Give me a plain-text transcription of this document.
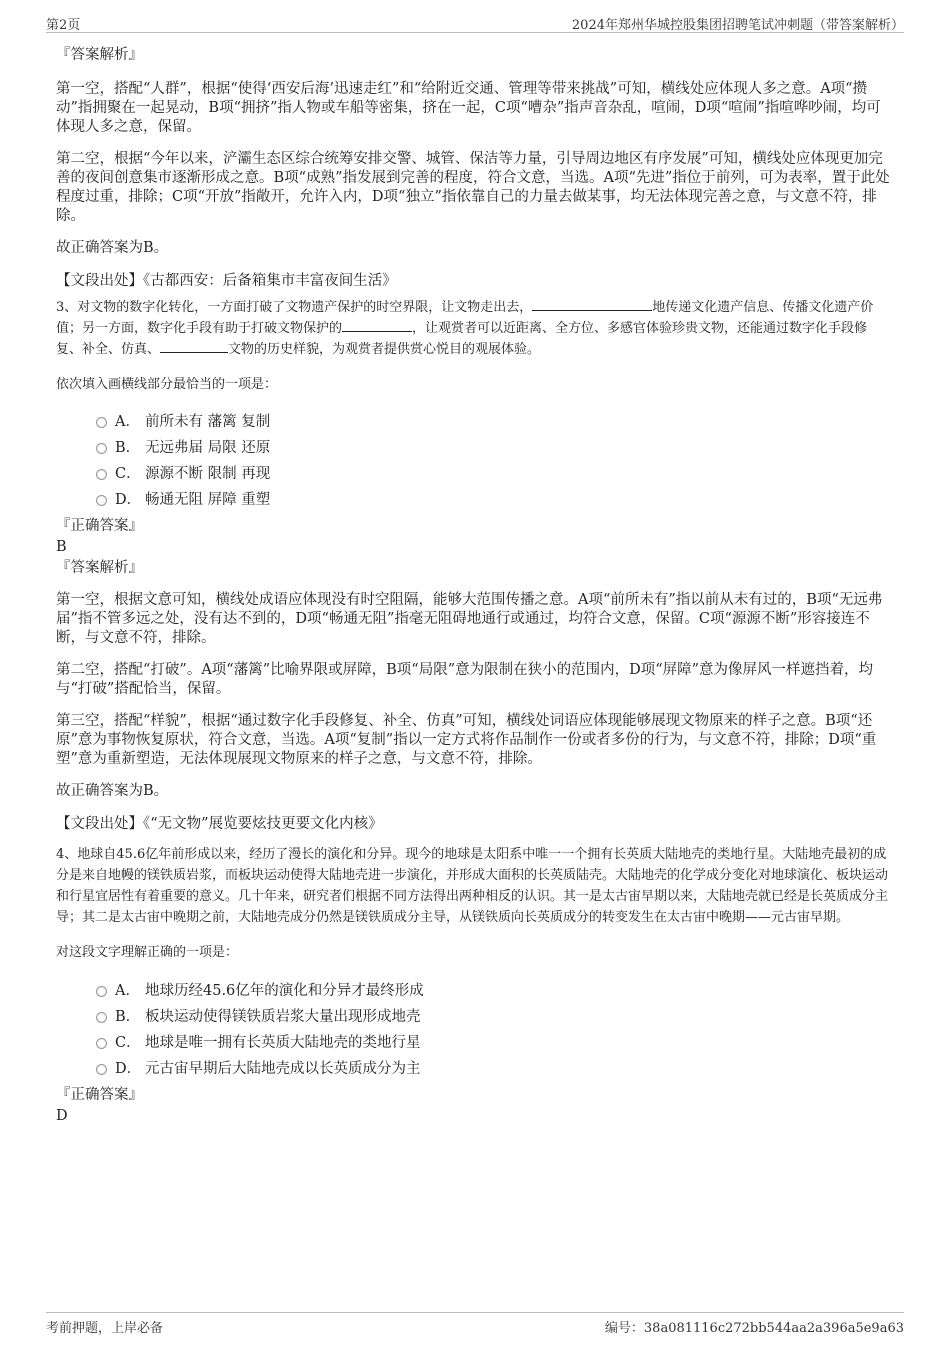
第2页	2024年郑州华城控股集团招聘笔试冲刺题（带答案解析）
『答案解析』

第一空，搭配“人群”，根据“使得‘西安后海’迅速走红”和“给附近交通、管理等带来挑战”可知，横线处应体现人多之意。A项“攒动”指拥聚在一起晃动，B项“拥挤”指人物或车船等密集，挤在一起，C项“嘈杂”指声音杂乱，喧闹，D项“喧闹”指喧哗吵闹，均可体现人多之意，保留。

第二空，根据“今年以来，浐灞生态区综合统筹安排交警、城管、保洁等力量，引导周边地区有序发展”可知，横线处应体现更加完善的夜间创意集市逐渐形成之意。B项“成熟”指发展到完善的程度，符合文意，当选。A项“先进”指位于前列，可为表率，置于此处程度过重，排除；C项“开放”指敞开，允许入内，D项“独立”指依靠自己的力量去做某事，均无法体现完善之意，与文意不符，排除。

故正确答案为B。

【文段出处】《古都西安：后备箱集市丰富夜间生活》

3、对文物的数字化转化，一方面打破了文物遗产保护的时空界限，让文物走出去，	地传递文化遗产信息、传播文化遗产价值；另一方面，数字化手段有助于打破文物保护的	，让观赏者可以近距离、全方位、多感官体验珍贵文物，还能通过数字化手段修复、补全、仿真、	文物的历史样貌，为观赏者提供赏心悦目的观展体验。
依次填入画横线部分最恰当的一项是：
A． 前所未有 藩篱 复制
B． 无远弗届 局限 还原
C． 源源不断 限制 再现
D． 畅通无阻 屏障 重塑
『正确答案』
B
『答案解析』

第一空，根据文意可知，横线处成语应体现没有时空阻隔，能够大范围传播之意。A项“前所未有”指以前从未有过的，B项“无远弗届”指不管多远之处，没有达不到的，D项“畅通无阻”指毫无阻碍地通行或通过，均符合文意，保留。C项“源源不断”形容接连不断，与文意不符，排除。

第二空，搭配“打破”。A项“藩篱”比喻界限或屏障，B项“局限”意为限制在狭小的范围内，D项“屏障”意为像屏风一样遮挡着，均与“打破”搭配恰当，保留。

第三空，搭配“样貌”，根据“通过数字化手段修复、补全、仿真”可知，横线处词语应体现能够展现文物原来的样子之意。B项“还原”意为事物恢复原状，符合文意，当选。A项“复制”指以一定方式将作品制作一份或者多份的行为，与文意不符，排除；D项“重塑”意为重新塑造，无法体现展现文物原来的样子之意，与文意不符，排除。

故正确答案为B。

【文段出处】《“无文物”展览要炫技更要文化内核》

4、地球自45.6亿年前形成以来，经历了漫长的演化和分异。现今的地球是太阳系中唯一一个拥有长英质大陆地壳的类地行星。大陆地壳最初的成分是来自地幔的镁铁质岩浆，而板块运动使得大陆地壳进一步演化，并形成大面积的长英质陆壳。大陆地壳的化学成分变化对地球演化、板块运动和行星宜居性有着重要的意义。几十年来，研究者们根据不同方法得出两种相反的认识。其一是太古宙早期以来，大陆地壳就已经是长英质成分主导；其二是太古宙中晚期之前，大陆地壳成分仍然是镁铁质成分主导，从镁铁质向长英质成分的转变发生在太古宙中晚期——元古宙早期。

对这段文字理解正确的一项是：
A． 地球历经45.6亿年的演化和分异才最终形成
B． 板块运动使得镁铁质岩浆大量出现形成地壳
C． 地球是唯一拥有长英质大陆地壳的类地行星
D． 元古宙早期后大陆地壳成以长英质成分为主
『正确答案』
D
考前押题，上岸必备	编号：38a081116c272bb544aa2a396a5e9a63
